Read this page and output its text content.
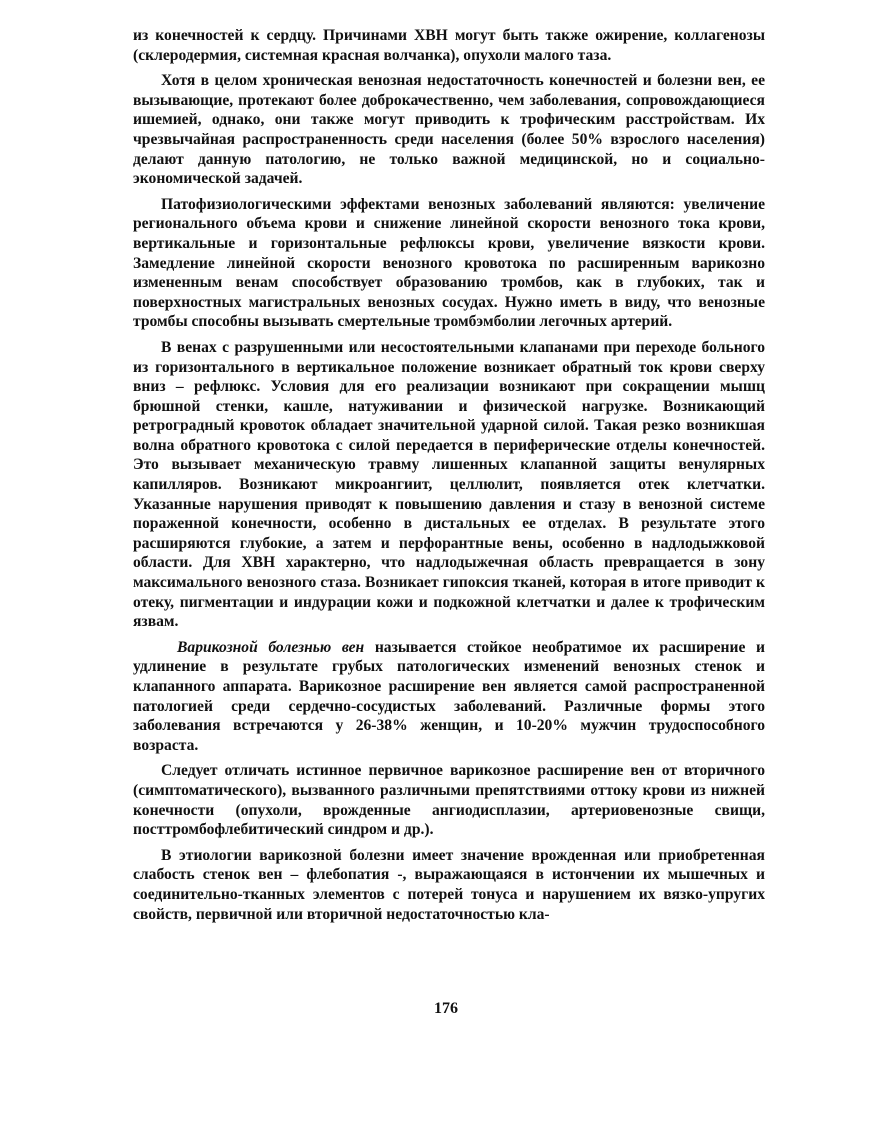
из конечностей к сердцу. Причинами ХВН могут быть также ожирение, коллагенозы (склеродермия, системная красная волчанка), опухоли малого таза.

Хотя в целом хроническая венозная недостаточность конечностей и болезни вен, ее вызывающие, протекают более доброкачественно, чем заболевания, сопровождающиеся ишемией, однако, они также могут приводить к трофическим расстройствам. Их чрезвычайная распространенность среди населения (более 50% взрослого населения) делают данную патологию, не только важной медицинской, но и социально-экономической задачей.

Патофизиологическими эффектами венозных заболеваний являются: увеличение регионального объема крови и снижение линейной скорости венозного тока крови, вертикальные и горизонтальные рефлюксы крови, увеличение вязкости крови. Замедление линейной скорости венозного кровотока по расширенным варикозно измененным венам способствует образованию тромбов, как в глубоких, так и поверхностных магистральных венозных сосудах. Нужно иметь в виду, что венозные тромбы способны вызывать смертельные тромбэмболии легочных артерий.

В венах с разрушенными или несостоятельными клапанами при переходе больного из горизонтального в вертикальное положение возникает обратный ток крови сверху вниз – рефлюкс. Условия для его реализации возникают при сокращении мышц брюшной стенки, кашле, натуживании и физической нагрузке. Возникающий ретроградный кровоток обладает значительной ударной силой. Такая резко возникшая волна обратного кровотока с силой передается в периферические отделы конечностей. Это вызывает механическую травму лишенных клапанной защиты венулярных капилляров. Возникают микроангиит, целлюлит, появляется отек клетчатки. Указанные нарушения приводят к повышению давления и стазу в венозной системе пораженной конечности, особенно в дистальных ее отделах. В результате этого расширяются глубокие, а затем и перфорантные вены, особенно в надлодыжковой области. Для ХВН характерно, что надлодыжечная область превращается в зону максимального венозного стаза. Возникает гипоксия тканей, которая в итоге приводит к отеку, пигментации и индурации кожи и подкожной клетчатки и далее к трофическим язвам.

Варикозной болезнью вен называется стойкое необратимое их расширение и удлинение в результате грубых патологических изменений венозных стенок и клапанного аппарата. Варикозное расширение вен является самой распространенной патологией среди сердечно-сосудистых заболеваний. Различные формы этого заболевания встречаются у 26-38% женщин, и 10-20% мужчин трудоспособного возраста.

Следует отличать истинное первичное варикозное расширение вен от вторичного (симптоматического), вызванного различными препятствиями оттоку крови из нижней конечности (опухоли, врожденные ангиодисплазии, артериовенозные свищи, посттромбофлебитический синдром и др.).

В этиологии варикозной болезни имеет значение врожденная или приобретенная слабость стенок вен – флебопатия -, выражающаяся в истончении их мышечных и соединительно-тканных элементов с потерей тонуса и нарушением их вязко-упругих свойств, первичной или вторичной недостаточностью кла-

176
